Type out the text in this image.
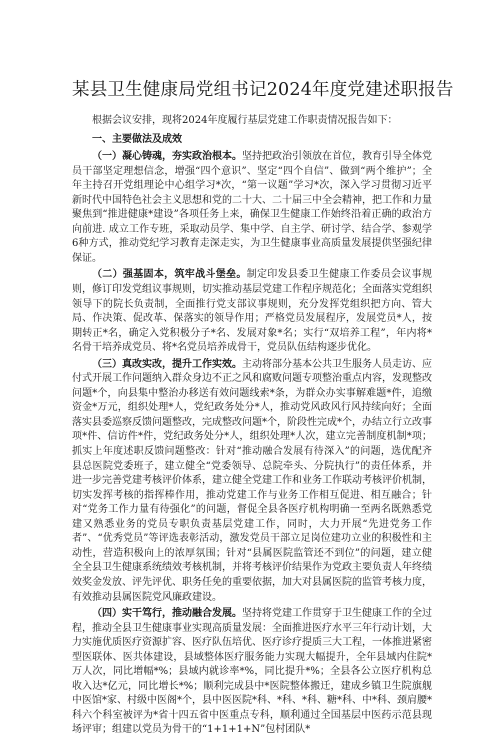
某县卫生健康局党组书记2024年度党建述职报告

根据会议安排，现将2024年度履行基层党建工作职责情况报告如下：

一、主要做法及成效

（一）凝心铸魂，夯实政治根本。坚持把政治引领放在首位，教育引导全体党员干部坚定理想信念，增强“四个意识”、坚定“四个自信”、做到“两个维护”；全年主持召开党组理论中心组学习*次，“第一议题”学习*次，深入学习贯彻习近平新时代中国特色社会主义思想和党的二十大、二十届三中全会精神，把工作和力量聚焦到“推进健康*建设”各项任务上来，确保卫生健康工作始终沿着正确的政治方向前进. 成立工作专班，采取动员学、集中学、自主学、研讨学、结合学、参观学6种方式，推动党纪学习教育走深走实，为卫生健康事业高质量发展提供坚强纪律保证。

（二）强基固本，筑牢战斗堡垒。制定印发县委卫生健康工作委员会议事规则，修订印发党组议事规则，切实推动基层党建工作程序规范化；全面落实党组织领导下的院长负责制，全面推行党支部议事规则，充分发挥党组织把方向、管大局、作决策、促改革、保落实的领导作用；严格党员发展程序，发展党员*人，按期转正*名，确定入党积极分子*名、发展对象*名；实行“双培养工程”，年内将*名骨干培养成党员、将*名党员培养成骨干，党员队伍结构逐步优化。

（三）真改实改，提升工作实效。主动将部分基本公共卫生服务人员走访、应付式开展工作问题纳入群众身边不正之风和腐败问题专项整治重点内容，发现整改问题*个，向县集中整治办移送有效问题线索*条，为群众办实事解难题*件，追缴资金*万元，组织处理*人，党纪政务处分*人，推动党风政风行风持续向好；全面落实县委巡察反馈问题整改，完成整改问题*个，阶段性完成*个，办结立行立改事项*件、信访件*件，党纪政务处分*人，组织处理*人次，建立完善制度机制*项；抓实上年度述职反馈问题整改：针对“推动融合发展有待深入”的问题，选优配齐县总医院党委班子，建立健全“党委领导、总院牵头、分院执行”的责任体系，并进一步完善党建考核评价体系，建立健全党建工作和业务工作联动考核评价机制，切实发挥考核的指挥棒作用，推动党建工作与业务工作相互促进、相互融合；针对“党务工作力量有待强化”的问题，督促全县各医疗机构明确一至两名既熟悉党建又熟悉业务的党员专职负责基层党建工作，同时，大力开展“先进党务工作者”、“优秀党员”等评选表彰活动，激发党员干部立足岗位建功立业的积极性和主动性，营造积极向上的浓厚氛围；针对“县属医院监管还不到位”的问题，建立健全全县卫生健康系统绩效考核机制，并将考核评价结果作为党政主要负责人年终绩效奖金发放、评先评优、职务任免的重要依据，加大对县属医院的监管考核力度，有效推动县属医院党风廉政建设。

（四）实干笃行，推动融合发展。坚持将党建工作贯穿于卫生健康工作的全过程，推动全县卫生健康事业实现高质量发展：全面推进医疗水平三年行动计划，大力实施优质医疗资源扩容、医疗队伍培优、医疗诊疗提质三大工程，一体推进紧密型医联体、医共体建设，县域整体医疗服务能力实现大幅提升，全年县域内住院*万人次，同比增幅*%；县域内就诊率*%，同比提升*%；全县各公立医疗机构总收入达*亿元，同比增长*%；顺利完成县中*医院整体搬迁，建成乡镇卫生院旗舰中医馆*家、村级中医阁*个，县中医医院*科、*科、*科、糖*科、中*科、颈肩腰*科六个科室被评为*省十四五省中医重点专科，顺利通过全国基层中医药示范县现场评审；组建以党员为骨干的“1+1+1+N”包村团队*
